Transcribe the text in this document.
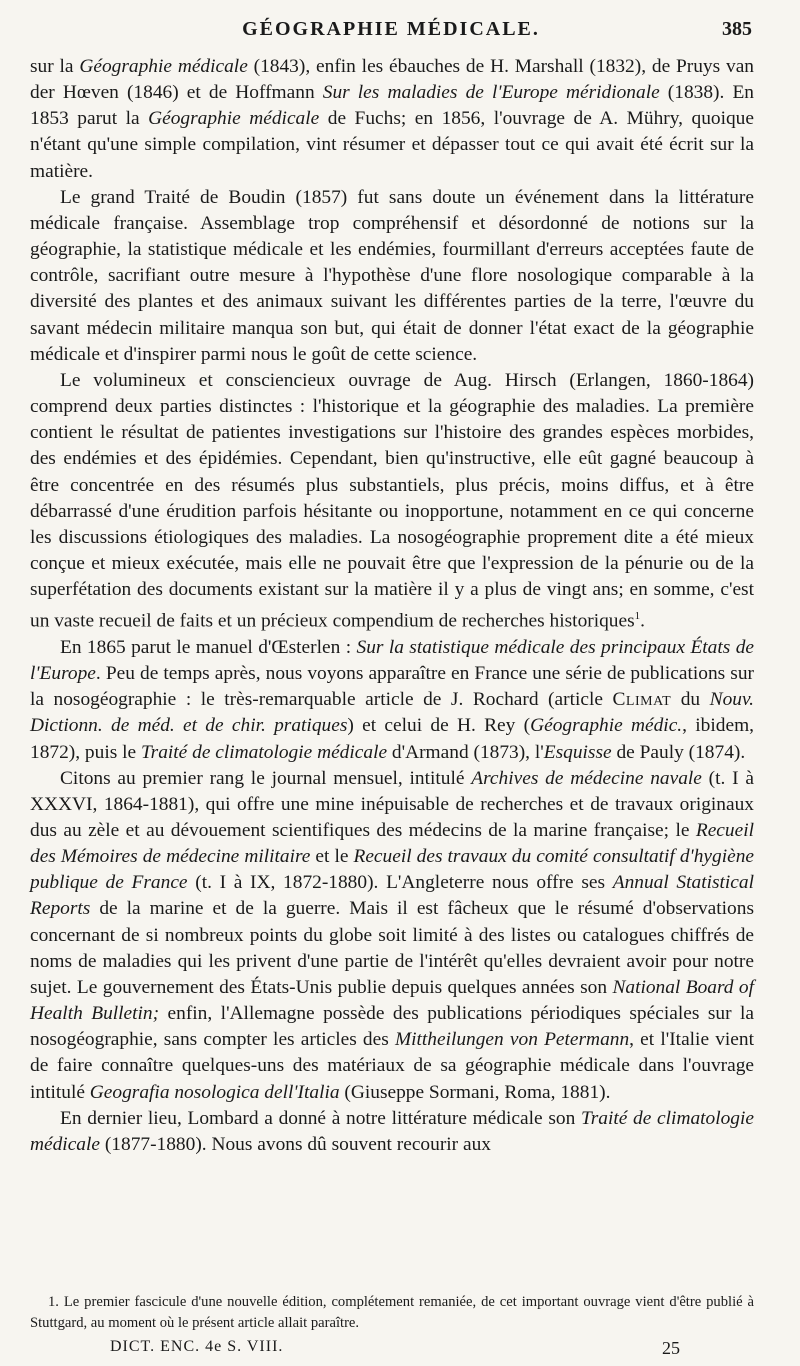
GÉOGRAPHIE MÉDICALE.	385

sur la Géographie médicale (1843), enfin les ébauches de H. Marshall (1832), de Pruys van der Hœven (1846) et de Hoffmann Sur les maladies de l'Europe méridionale (1838). En 1853 parut la Géographie médicale de Fuchs; en 1856, l'ouvrage de A. Mühry, quoique n'étant qu'une simple compilation, vint résumer et dépasser tout ce qui avait été écrit sur la matière.

Le grand Traité de Boudin (1857) fut sans doute un événement dans la littérature médicale française. Assemblage trop compréhensif et désordonné de notions sur la géographie, la statistique médicale et les endémies, fourmillant d'erreurs acceptées faute de contrôle, sacrifiant outre mesure à l'hypothèse d'une flore nosologique comparable à la diversité des plantes et des animaux suivant les différentes parties de la terre, l'œuvre du savant médecin militaire manqua son but, qui était de donner l'état exact de la géographie médicale et d'inspirer parmi nous le goût de cette science.

Le volumineux et consciencieux ouvrage de Aug. Hirsch (Erlangen, 1860-1864) comprend deux parties distinctes : l'historique et la géographie des maladies. La première contient le résultat de patientes investigations sur l'histoire des grandes espèces morbides, des endémies et des épidémies. Cependant, bien qu'instructive, elle eût gagné beaucoup à être concentrée en des résumés plus substantiels, plus précis, moins diffus, et à être débarrassé d'une érudition parfois hésitante ou inopportune, notamment en ce qui concerne les discussions étiologiques des maladies. La nosogéographie proprement dite a été mieux conçue et mieux exécutée, mais elle ne pouvait être que l'expression de la pénurie ou de la superfétation des documents existant sur la matière il y a plus de vingt ans; en somme, c'est un vaste recueil de faits et un précieux compendium de recherches historiques$^1$.

En 1865 parut le manuel d'Œsterlen : Sur la statistique médicale des principaux États de l'Europe. Peu de temps après, nous voyons apparaître en France une série de publications sur la nosogéographie : le très-remarquable article de J. Rochard (article Climat du Nouv. Dictionn. de méd. et de chir. pratiques) et celui de H. Rey (Géographie médic., ibidem, 1872), puis le Traité de climatologie médicale d'Armand (1873), l'Esquisse de Pauly (1874).

Citons au premier rang le journal mensuel, intitulé Archives de médecine navale (t. I à XXXVI, 1864-1881), qui offre une mine inépuisable de recherches et de travaux originaux dus au zèle et au dévouement scientifiques des médecins de la marine française; le Recueil des Mémoires de médecine militaire et le Recueil des travaux du comité consultatif d'hygiène publique de France (t. I à IX, 1872-1880). L'Angleterre nous offre ses Annual Statistical Reports de la marine et de la guerre. Mais il est fâcheux que le résumé d'observations concernant de si nombreux points du globe soit limité à des listes ou catalogues chiffrés de noms de maladies qui les privent d'une partie de l'intérêt qu'elles devraient avoir pour notre sujet. Le gouvernement des États-Unis publie depuis quelques années son National Board of Health Bulletin; enfin, l'Allemagne possède des publications périodiques spéciales sur la nosogéographie, sans compter les articles des Mittheilungen von Petermann, et l'Italie vient de faire connaître quelques-uns des matériaux de sa géographie médicale dans l'ouvrage intitulé Geografia nosologica dell'Italia (Giuseppe Sormani, Roma, 1881).

En dernier lieu, Lombard a donné à notre littérature médicale son Traité de climatologie médicale (1877-1880). Nous avons dû souvent recourir aux

1. Le premier fascicule d'une nouvelle édition, complétement remaniée, de cet important ouvrage vient d'être publié à Stuttgard, au moment où le présent article allait paraître.

DICT. ENC. 4e S. VIII.	25
